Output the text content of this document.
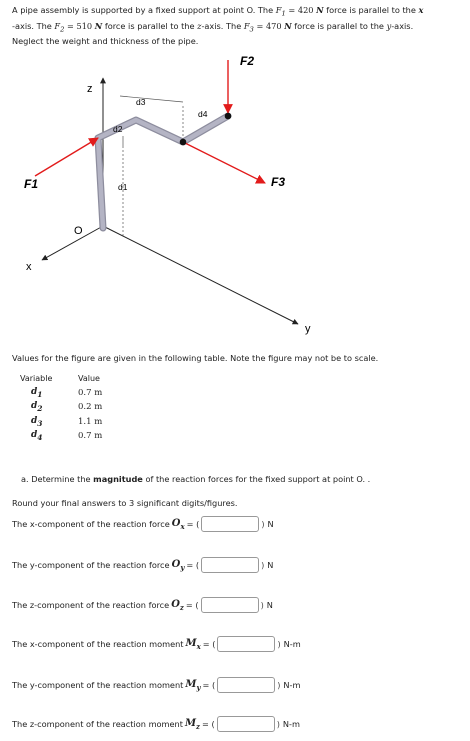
A pipe assembly is supported by a fixed support at point O. The $F_1 = 420$ N force is parallel to the x
-axis. The $F_2 = 510$ N force is parallel to the z-axis. The $F_3 = 470$ N force is parallel to the y-axis.
Neglect the weight and thickness of the pipe.
z
x
y
O
F1
F2
F3
d1
d2
d3
d4
Values for the figure are given in the following table. Note the figure may not be to scale.
Variable	Value
$d_1$	0.7 m
$d_2$	0.2 m
$d_3$	1.1 m
$d_4$	0.7 m
a. Determine the magnitude of the reaction forces for the fixed support at point O. .
Round your final answers to 3 significant digits/figures.
The x-component of the reaction force $O_x$ = (	) N
The y-component of the reaction force $O_y$ = (	) N
The z-component of the reaction force $O_z$ = (	) N
The x-component of the reaction moment $M_x$ = (	) N-m
The y-component of the reaction moment $M_y$ = (	) N-m
The z-component of the reaction moment $M_z$ = (	) N-m
